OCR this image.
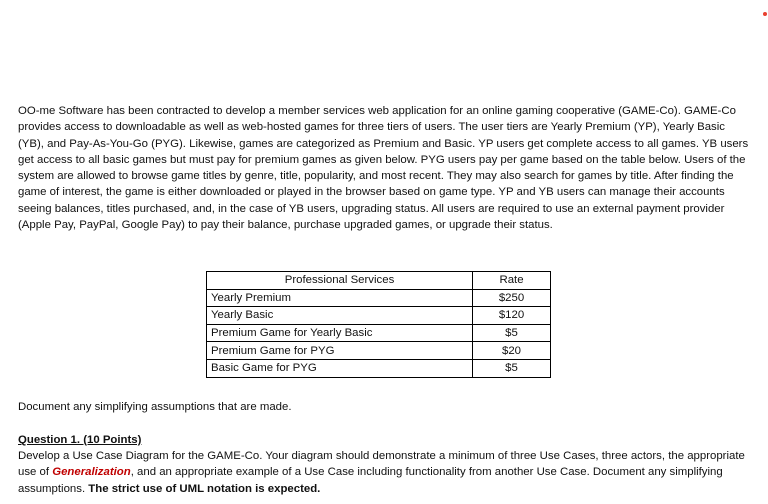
OO-me Software has been contracted to develop a member services web application for an online gaming cooperative (GAME-Co). GAME-Co provides access to downloadable as well as web-hosted games for three tiers of users. The user tiers are Yearly Premium (YP), Yearly Basic (YB), and Pay-As-You-Go (PYG). Likewise, games are categorized as Premium and Basic. YP users get complete access to all games. YB users get access to all basic games but must pay for premium games as given below. PYG users pay per game based on the table below. Users of the system are allowed to browse game titles by genre, title, popularity, and most recent. They may also search for games by title. After finding the game of interest, the game is either downloaded or played in the browser based on game type. YP and YB users can manage their accounts seeing balances, titles purchased, and, in the case of YB users, upgrading status. All users are required to use an external payment provider (Apple Pay, PayPal, Google Pay) to pay their balance, purchase upgraded games, or upgrade their status.

Professional Services	Rate
Yearly Premium	$250
Yearly Basic	$120
Premium Game for Yearly Basic	$5
Premium Game for PYG	$20
Basic Game for PYG	$5

Document any simplifying assumptions that are made.

Question 1. (10 Points)

Develop a Use Case Diagram for the GAME-Co. Your diagram should demonstrate a minimum of three Use Cases, three actors, the appropriate use of Generalization, and an appropriate example of a Use Case including functionality from another Use Case. Document any simplifying assumptions. The strict use of UML notation is expected.
